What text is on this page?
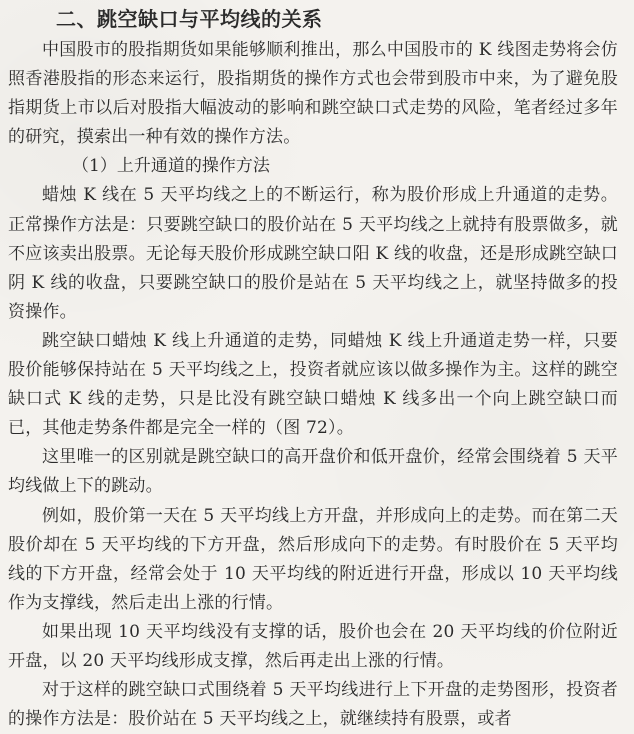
二、跳空缺口与平均线的关系

中国股市的股指期货如果能够顺利推出，那么中国股市的 K 线图走势将会仿照香港股指的形态来运行，股指期货的操作方式也会带到股市中来，为了避免股指期货上市以后对股指大幅波动的影响和跳空缺口式走势的风险，笔者经过多年的研究，摸索出一种有效的操作方法。

（1）上升通道的操作方法

蜡烛 K 线在 5 天平均线之上的不断运行，称为股价形成上升通道的走势。正常操作方法是：只要跳空缺口的股价站在 5 天平均线之上就持有股票做多，就不应该卖出股票。无论每天股价形成跳空缺口阳 K 线的收盘，还是形成跳空缺口阴 K 线的收盘，只要跳空缺口的股价是站在 5 天平均线之上，就坚持做多的投资操作。

跳空缺口蜡烛 K 线上升通道的走势，同蜡烛 K 线上升通道走势一样，只要股价能够保持站在 5 天平均线之上，投资者就应该以做多操作为主。这样的跳空缺口式 K 线的走势，只是比没有跳空缺口蜡烛 K 线多出一个向上跳空缺口而已，其他走势条件都是完全一样的（图 72）。

这里唯一的区别就是跳空缺口的高开盘价和低开盘价，经常会围绕着 5 天平均线做上下的跳动。

例如，股价第一天在 5 天平均线上方开盘，并形成向上的走势。而在第二天股价却在 5 天平均线的下方开盘，然后形成向下的走势。有时股价在 5 天平均线的下方开盘，经常会处于 10 天平均线的附近进行开盘，形成以 10 天平均线作为支撑线，然后走出上涨的行情。

如果出现 10 天平均线没有支撑的话，股价也会在 20 天平均线的价位附近开盘，以 20 天平均线形成支撑，然后再走出上涨的行情。

对于这样的跳空缺口式围绕着 5 天平均线进行上下开盘的走势图形，投资者的操作方法是：股价站在 5 天平均线之上，就继续持有股票，或者
